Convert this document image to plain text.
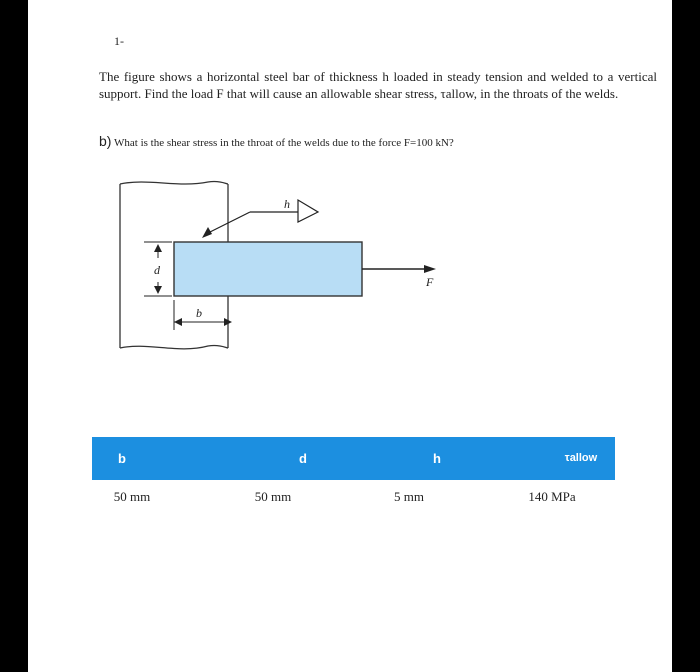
1-
The figure shows a horizontal steel bar of thickness h loaded in steady tension and welded to a vertical support. Find the load F that will cause an allowable shear stress, τallow, in the throats of the welds.
b) What is the shear stress in the throat of the welds due to the force F=100 kN?
F
h
d
b
b	d	h	τallow
50 mm	50 mm	5 mm	140 MPa
